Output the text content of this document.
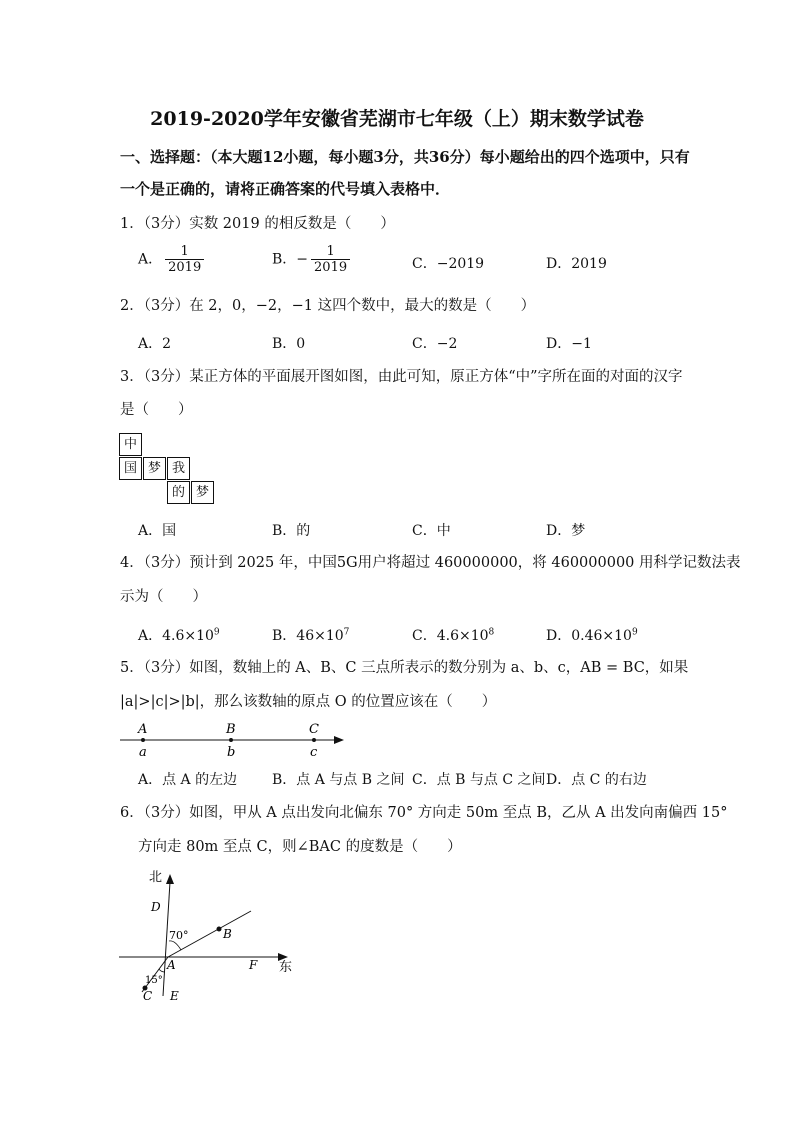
2019-2020学年安徽省芜湖市七年级（上）期末数学试卷
一、选择题：（本大题12小题，每小题3分，共36分）每小题给出的四个选项中，只有
一个是正确的，请将正确答案的代号填入表格中．
1．（3分）实数 2019 的相反数是（　　）
A． $\frac{1}{2019}$	B．− $\frac{1}{2019}$	C．−2019	D．2019
2．（3分）在 2，0，−2，−1 这四个数中，最大的数是（　　）
A．2	B．0	C．−2	D．−1
3．（3分）某正方体的平面展开图如图，由此可知，原正方体“中”字所在面的对面的汉字
是（　　）
中
国 梦 我
的 梦
A．国	B．的	C．中	D．梦
4．（3分）预计到 2025 年，中国5G用户将超过 460000000，将 460000000 用科学记数法表
示为（　　）
A．$4.6\times 10^9$	B．$46\times 10^7$	C．$4.6\times 10^8$	D．$0.46\times 10^9$
5．（3分）如图，数轴上的 A、B、C 三点所表示的数分别为 a、b、c，AB = BC，如果
|a|>|c|>|b|，那么该数轴的原点 O 的位置应该在（　　）
A	B	C
a	b	c
A．点 A 的左边 B．点 A 与点 B 之间 C．点 B 与点 C 之间 D．点 C 的右边
6．（3分）如图，甲从 A 点出发向北偏东 70° 方向走 50m 至点 B，乙从 A 出发向南偏西 15°
方向走 80m 至点 C，则∠BAC 的度数是（　　）
北
东
D
B
A	F
C E
70°
15°
